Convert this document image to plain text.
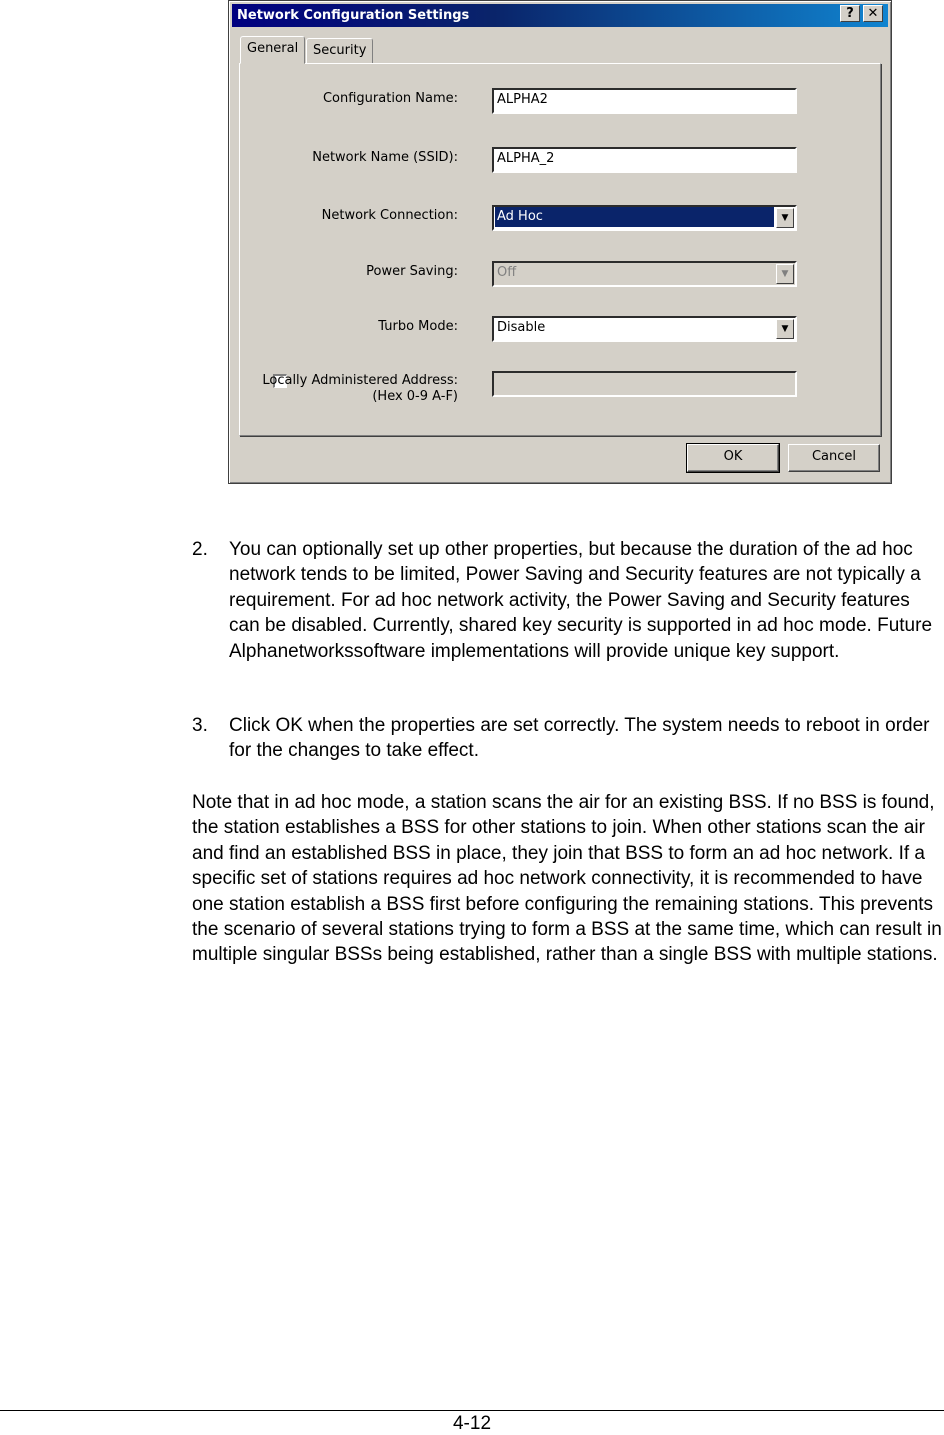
Network Configuration Settings	?	✕
General	Security
Configuration Name:	ALPHA2
Network Name (SSID):	ALPHA_2
Network Connection:	Ad Hoc	▼
Power Saving:	Off	▼
Turbo Mode:	Disable	▼
Locally Administered Address:
(Hex 0-9 A-F)
OK	Cancel
2. You can optionally set up other properties, but because the duration of the ad hoc network tends to be limited, Power Saving and Security features are not typically a requirement. For ad hoc network activity, the Power Saving and Security features can be disabled. Currently, shared key security is supported in ad hoc mode. Future Alphanetworkssoftware implementations will provide unique key support.
3. Click OK when the properties are set correctly. The system needs to reboot in order for the changes to take effect.
Note that in ad hoc mode, a station scans the air for an existing BSS. If no BSS is found, the station establishes a BSS for other stations to join. When other stations scan the air and find an established BSS in place, they join that BSS to form an ad hoc network. If a specific set of stations requires ad hoc network connectivity, it is recommended to have one station establish a BSS first before configuring the remaining stations. This prevents the scenario of several stations trying to form a BSS at the same time, which can result in multiple singular BSSs being established, rather than a single BSS with multiple stations.
4-12
